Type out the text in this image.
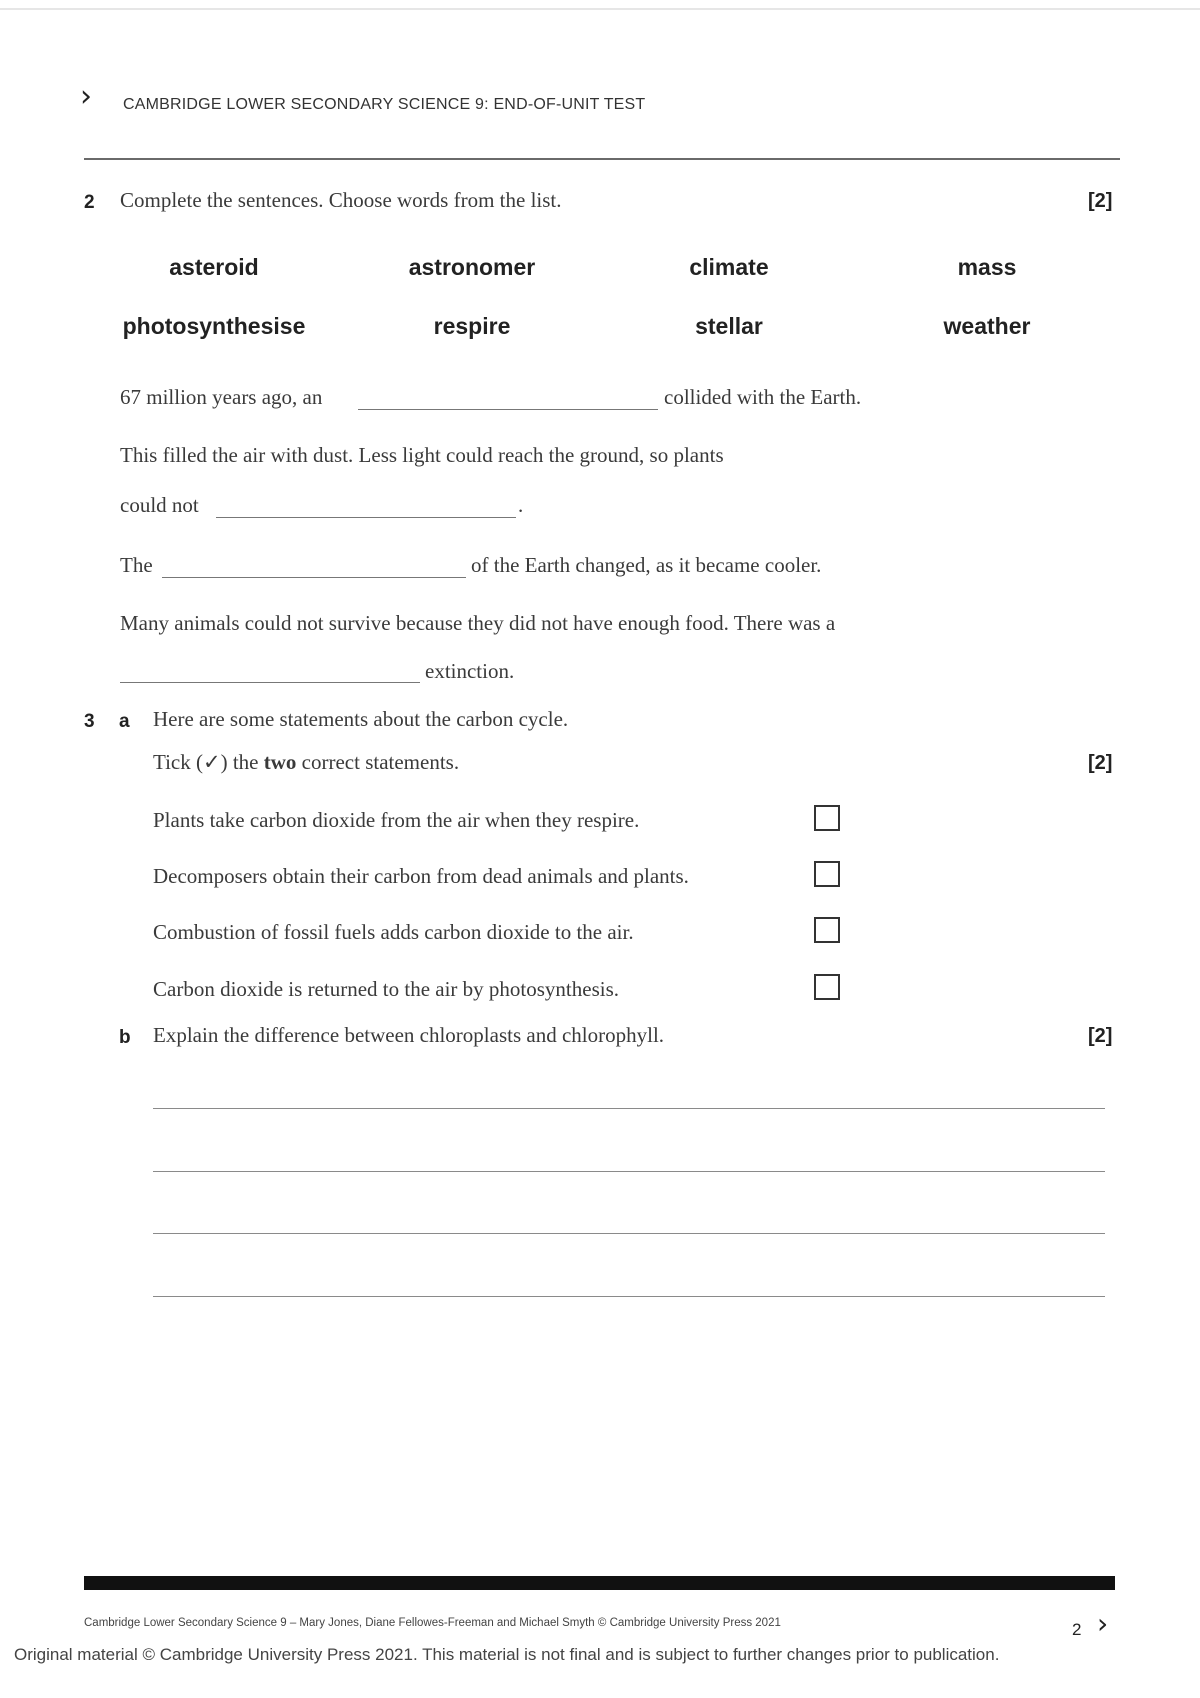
› CAMBRIDGE LOWER SECONDARY SCIENCE 9: END-OF-UNIT TEST
2 Complete the sentences. Choose words from the list.	[2]
asteroid	astronomer	climate	mass
photosynthesise	respire	stellar	weather
67 million years ago, an	collided with the Earth.
This filled the air with dust. Less light could reach the ground, so plants
could not	.
The	of the Earth changed, as it became cooler.
Many animals could not survive because they did not have enough food. There was a
extinction.
3 a Here are some statements about the carbon cycle.
Tick (✓) the two correct statements.	[2]
Plants take carbon dioxide from the air when they respire.
Decomposers obtain their carbon from dead animals and plants.
Combustion of fossil fuels adds carbon dioxide to the air.
Carbon dioxide is returned to the air by photosynthesis.
b Explain the difference between chloroplasts and chlorophyll.	[2]
Cambridge Lower Secondary Science 9 – Mary Jones, Diane Fellowes-Freeman and Michael Smyth © Cambridge University Press 2021	2 ›
Original material © Cambridge University Press 2021. This material is not final and is subject to further changes prior to publication.
